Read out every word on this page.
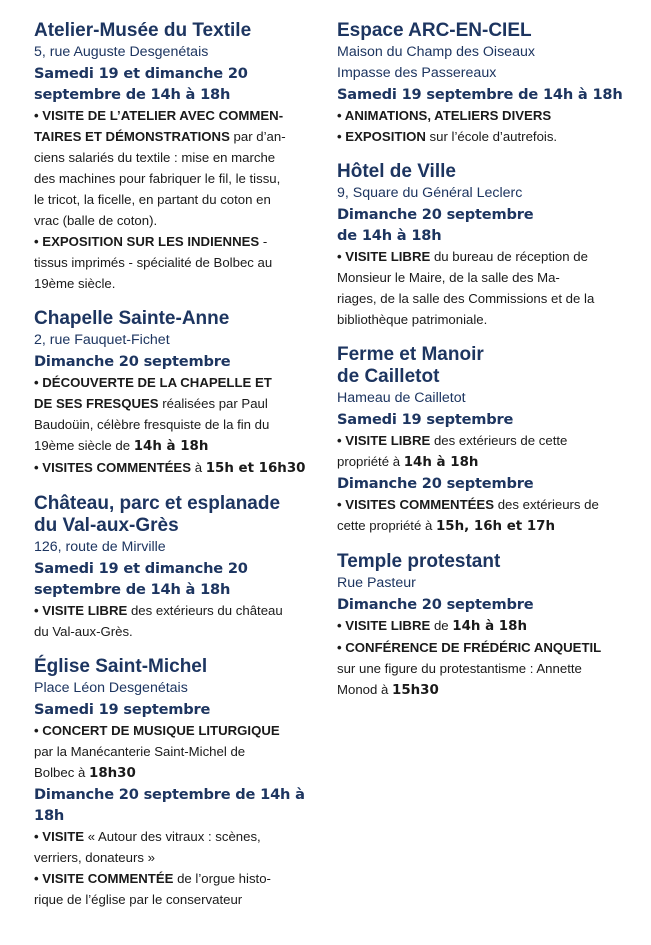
Atelier-Musée du Textile
5, rue Auguste Desgenétais
Samedi 19 et dimanche 20
septembre de 14h à 18h
• VISITE DE L’ATELIER AVEC COMMEN-
TAIRES ET DÉMONSTRATIONS par d’an-
ciens salariés du textile : mise en marche
des machines pour fabriquer le fil, le tissu,
le tricot, la ficelle, en partant du coton en
vrac (balle de coton).
• EXPOSITION SUR LES INDIENNES -
tissus imprimés - spécialité de Bolbec au
19ème siècle.
Chapelle Sainte-Anne
2, rue Fauquet-Fichet
Dimanche 20 septembre
• DÉCOUVERTE DE LA CHAPELLE ET
DE SES FRESQUES réalisées par Paul
Baudoüin, célèbre fresquiste de la fin du
19ème siècle de 14h à 18h
• VISITES COMMENTÉES à 15h et 16h30
Château, parc et esplanade
du Val-aux-Grès
126, route de Mirville
Samedi 19 et dimanche 20
septembre de 14h à 18h
• VISITE LIBRE des extérieurs du château
du Val-aux-Grès.
Église Saint-Michel
Place Léon Desgenétais
Samedi 19 septembre
• CONCERT DE MUSIQUE LITURGIQUE
par la Manécanterie Saint-Michel de
Bolbec à 18h30
Dimanche 20 septembre de 14h à 18h
• VISITE « Autour des vitraux : scènes,
verriers, donateurs »
• VISITE COMMENTÉE de l’orgue histo-
rique de l’église par le conservateur
Espace ARC-EN-CIEL
Maison du Champ des Oiseaux
Impasse des Passereaux
Samedi 19 septembre de 14h à 18h
• ANIMATIONS, ATELIERS DIVERS
• EXPOSITION sur l’école d’autrefois.
Hôtel de Ville
9, Square du Général Leclerc
Dimanche 20 septembre
de 14h à 18h
• VISITE LIBRE du bureau de réception de
Monsieur le Maire, de la salle des Ma-
riages, de la salle des Commissions et de la
bibliothèque patrimoniale.
Ferme et Manoir
de Cailletot
Hameau de Cailletot
Samedi 19 septembre
• VISITE LIBRE des extérieurs de cette
propriété à 14h à 18h
Dimanche 20 septembre
• VISITES COMMENTÉES des extérieurs de
cette propriété à 15h, 16h et 17h
Temple protestant
Rue Pasteur
Dimanche 20 septembre
• VISITE LIBRE de 14h à 18h
• CONFÉRENCE DE FRÉDÉRIC ANQUETIL
sur une figure du protestantisme : Annette
Monod à 15h30
